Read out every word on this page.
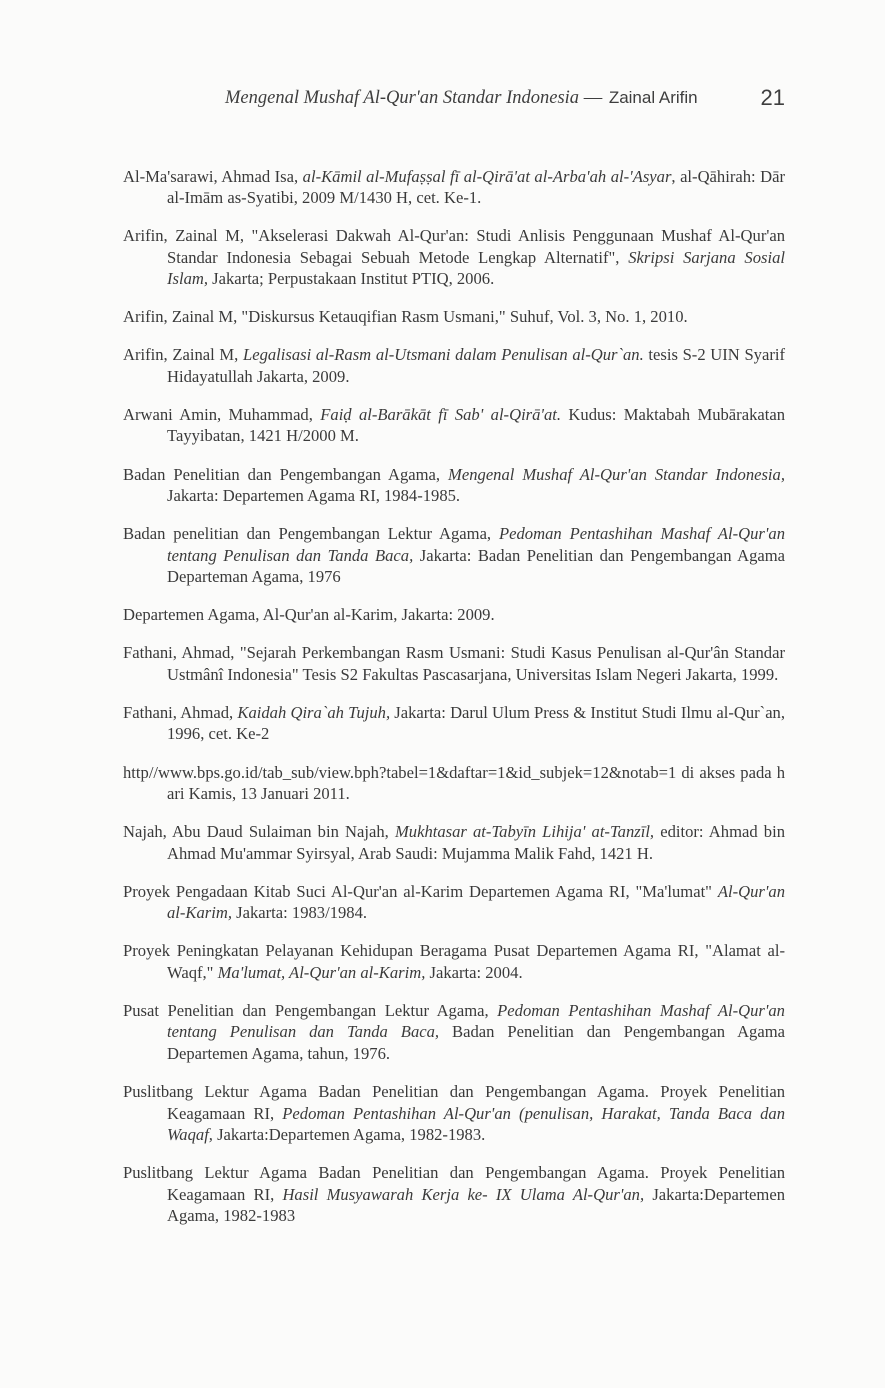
Mengenal Mushaf Al-Qur'an Standar Indonesia — Zainal Arifin	21

Al-Ma'sarawi, Ahmad Isa, al-Kāmil al-Mufaṣṣal fī al-Qirā'at al-Arba'ah al-'Asyar, al-Qāhirah: Dār al-Imām as-Syatibi, 2009 M/1430 H, cet. Ke-1.

Arifin, Zainal M, "Akselerasi Dakwah Al-Qur'an: Studi Anlisis Penggunaan Mushaf Al-Qur'an Standar Indonesia Sebagai Sebuah Metode Lengkap Alternatif", Skripsi Sarjana Sosial Islam, Jakarta; Perpustakaan Institut PTIQ, 2006.

Arifin, Zainal M, "Diskursus Ketauqifian Rasm Usmani," Suhuf, Vol. 3, No. 1, 2010.

Arifin, Zainal M, Legalisasi al-Rasm al-Utsmani dalam Penulisan al-Qur`an. tesis S-2 UIN Syarif Hidayatullah Jakarta, 2009.

Arwani Amin, Muhammad, Faiḍ al-Barākāt fī Sab' al-Qirā'at. Kudus: Maktabah Mubārakatan Tayyibatan, 1421 H/2000 M.

Badan Penelitian dan Pengembangan Agama, Mengenal Mushaf Al-Qur'an Standar Indonesia, Jakarta: Departemen Agama RI, 1984-1985.

Badan penelitian dan Pengembangan Lektur Agama, Pedoman Pentashihan Mashaf Al-Qur'an tentang Penulisan dan Tanda Baca, Jakarta: Badan Penelitian dan Pengembangan Agama Departeman Agama, 1976

Departemen Agama, Al-Qur'an al-Karim, Jakarta: 2009.

Fathani, Ahmad, "Sejarah Perkembangan Rasm Usmani: Studi Kasus Penulisan al-Qur'ân Standar Ustmânî Indonesia" Tesis S2 Fakultas Pascasarjana, Universitas Islam Negeri Jakarta, 1999.

Fathani, Ahmad, Kaidah Qira`ah Tujuh, Jakarta: Darul Ulum Press & Institut Studi Ilmu al-Qur`an, 1996, cet. Ke-2

http//www.bps.go.id/tab_sub/view.bph?tabel=1&daftar=1&id_subjek=12&notab=1 di akses pada hari Kamis, 13 Januari 2011.

Najah, Abu Daud Sulaiman bin Najah, Mukhtasar at-Tabyīn Lihija' at-Tanzīl, editor: Ahmad bin Ahmad Mu'ammar Syirsyal, Arab Saudi: Mujamma Malik Fahd, 1421 H.

Proyek Pengadaan Kitab Suci Al-Qur'an al-Karim Departemen Agama RI, "Ma'lumat" Al-Qur'an al-Karim, Jakarta: 1983/1984.

Proyek Peningkatan Pelayanan Kehidupan Beragama Pusat Departemen Agama RI, "Alamat al-Waqf," Ma'lumat, Al-Qur'an al-Karim, Jakarta: 2004.

Pusat Penelitian dan Pengembangan Lektur Agama, Pedoman Pentashihan Mashaf Al-Qur'an tentang Penulisan dan Tanda Baca, Badan Penelitian dan Pengembangan Agama Departemen Agama, tahun, 1976.

Puslitbang Lektur Agama Badan Penelitian dan Pengembangan Agama. Proyek Penelitian Keagamaan RI, Pedoman Pentashihan Al-Qur'an (penulisan, Harakat, Tanda Baca dan Waqaf, Jakarta:Departemen Agama, 1982-1983.

Puslitbang Lektur Agama Badan Penelitian dan Pengembangan Agama. Proyek Penelitian Keagamaan RI, Hasil Musyawarah Kerja ke- IX Ulama Al-Qur'an, Jakarta:Departemen Agama, 1982-1983
